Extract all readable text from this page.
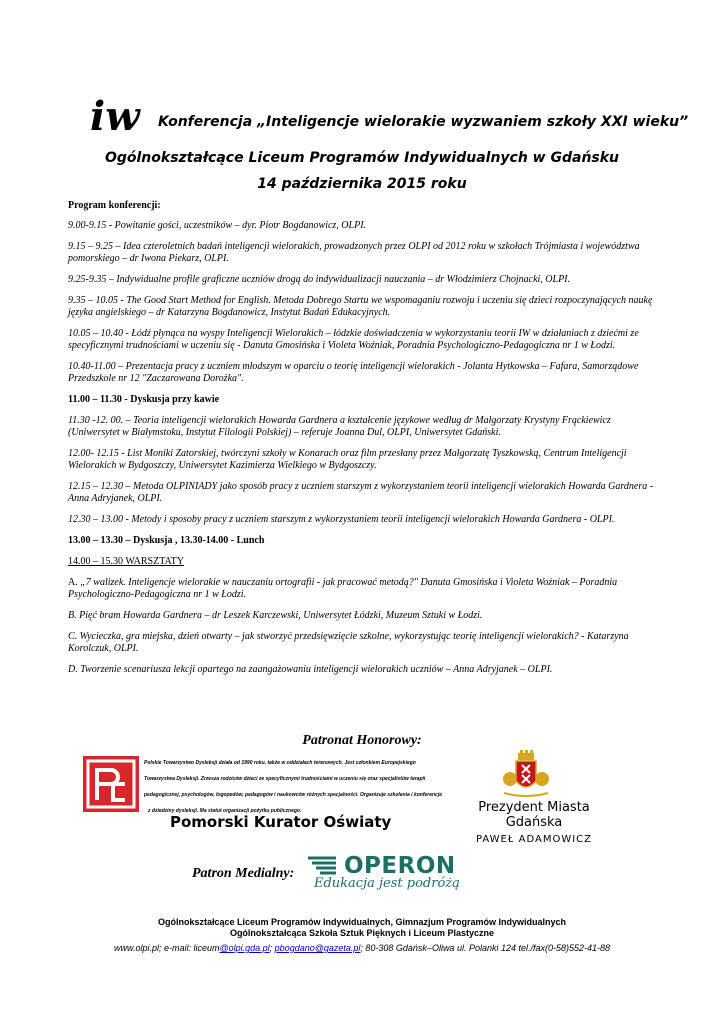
iw Konferencja „Inteligencje wielorakie wyzwaniem szkoły XXI wieku”
Ogólnokształcące Liceum Programów Indywidualnych w Gdańsku
14 października 2015 roku
Program konferencji:
9.00-9.15 - Powitanie gości, uczestników – dyr. Piotr Bogdanowicz, OLPI.
9.15 – 9.25 – Idea czteroletnich badań inteligencji wielorakich, prowadzonych przez OLPI od 2012 roku w szkołach Trójmiasta i województwa pomorskiego – dr Iwona Piekarz, OLPI.
9.25-9.35 – Indywidualne profile graficzne uczniów drogą do indywidualizacji nauczania – dr Włodzimierz Chojnacki, OLPI.
9.35 – 10.05 - The Good Start Method for English. Metoda Dobrego Startu we wspomaganiu rozwoju i uczeniu się dzieci rozpoczynających naukę języka angielskiego – dr Katarzyna Bogdanowicz, Instytut Badań Edukacyjnych.
10.05 – 10.40 - Łódź płynąca na wyspy Inteligencji Wielorakich – łódzkie doświadczenia w wykorzystaniu teorii IW w działaniach z dziećmi ze specyficznymi trudnościami w uczeniu się - Danuta Gmosińska i Violeta Woźniak, Poradnia Psychologiczno-Pedagogiczna nr 1 w Łodzi.
10.40-11.00 – Prezentacja pracy z uczniem młodszym w oparciu o teorię inteligencji wielorakich - Jolanta Hytkowska – Fafara, Samorządowe Przedszkole nr 12 "Zaczarowana Dorożka".
11.00 – 11.30 - Dyskusja przy kawie
11.30 -12. 00. – Teoria inteligencji wielorakich Howarda Gardnera a kształcenie językowe według dr Małgorzaty Krystyny Frąckiewicz (Uniwersytet w Białymstoku, Instytut Filologii Polskiej) – referuje Joanna Dul, OLPI, Uniwersytet Gdański.
12.00- 12.15 - List Moniki Zatorskiej, twórczyni szkoły w Konarach oraz film przesłany przez Małgorzatę Tyszkowską, Centrum Inteligencji Wielorakich w Bydgoszczy, Uniwersytet Kazimierza Wielkiego w Bydgoszczy.
12.15 – 12.30 – Metoda OLPINIADY jako sposób pracy z uczniem starszym z wykorzystaniem teorii inteligencji wielorakich Howarda Gardnera - Anna Adryjanek, OLPI.
12.30 – 13.00 - Metody i sposoby pracy z uczniem starszym z wykorzystaniem teorii inteligencji wielorakich Howarda Gardnera - OLPI.
13.00 – 13.30 – Dyskusja , 13.30-14.00 - Lunch
14.00 – 15.30 WARSZTATY
A. „7 walizek. Inteligencje wielorakie w nauczaniu ortografii - jak pracować metodą?" Danuta Gmosińska i Violeta Woźniak – Poradnia Psychologiczno-Pedagogiczna nr 1 w Łodzi.
B. Pięć bram Howarda Gardnera – dr Leszek Karczewski, Uniwersytet Łódzki, Muzeum Sztuki w Łodzi.
C. Wycieczka, gra miejska, dzień otwarty – jak stworzyć przedsięwzięcie szkolne, wykorzystując teorię inteligencji wielorakich? - Katarzyna Korolczuk, OLPI.
D. Tworzenie scenariusza lekcji opartego na zaangażowaniu inteligencji wielorakich uczniów – Anna Adryjanek – OLPI.
Patronat Honorowy:
Polskie Towarzystwo Dysleksji działa od 1990 roku, także w oddziałach terenowych. Jest członkiem Europejskiego
Towarzystwa Dysleksji. Zrzesza rodziców dzieci ze specyficznymi trudnościami w uczeniu się oraz specjalistów terapii
pedagogicznej, psychologów, logopedów, pedagogów i naukowców różnych specjalności. Organizuje szkolenia i konferencje
z dziedziny dysleksji. Ma statut organizacji pożytku publicznego.
Pomorski Kurator Oświaty
Prezydent Miasta Gdańska
PAWEŁ ADAMOWICZ
Patron Medialny: OPERON
Edukacja jest podróżą
Ogólnokształcące Liceum Programów Indywidualnych, Gimnazjum Programów Indywidualnych
Ogólnokształcąca Szkoła Sztuk Pięknych i Liceum Plastyczne
www.olpi.pl; e-mail: liceum@olpi.gda.pl; pbogdano@gazeta.pl; 80-308 Gdańsk–Oliwa ul. Polanki 124 tel./fax(0-58)552-41-88
